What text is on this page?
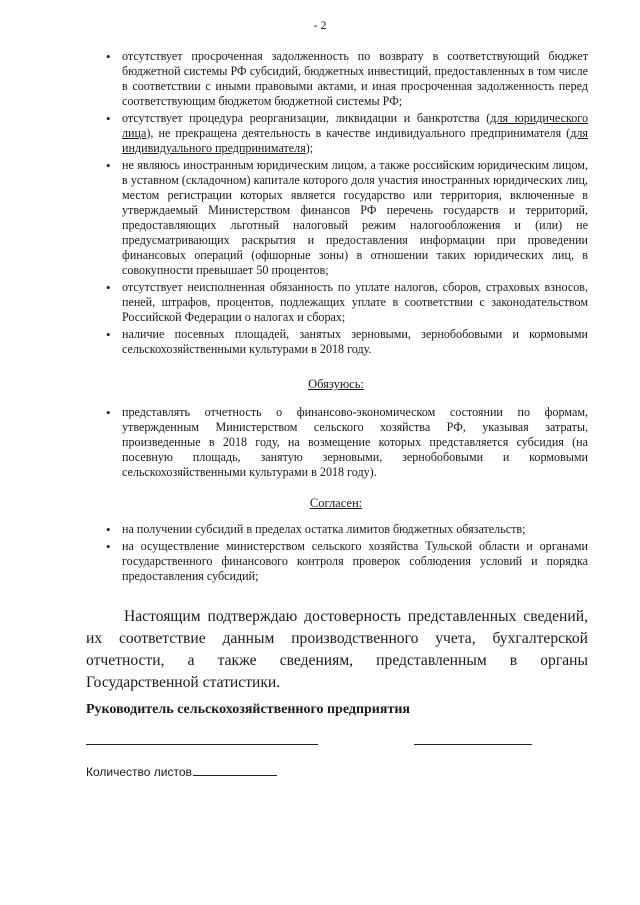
- 2
• отсутствует просроченная задолженность по возврату в соответствующий бюджет бюджетной системы РФ субсидий, бюджетных инвестиций, предоставленных в том числе в соответствии с иными правовыми актами, и иная просроченная задолженность перед соответствующим бюджетом бюджетной системы РФ;
• отсутствует процедура реорганизации, ликвидации и банкротства (для юридического лица), не прекращена деятельность в качестве индивидуального предпринимателя (для индивидуального предпринимателя);
• не являюсь иностранным юридическим лицом, а также российским юридическим лицом, в уставном (складочном) капитале которого доля участия иностранных юридических лиц, местом регистрации которых является государство или территория, включенные в утверждаемый Министерством финансов РФ перечень государств и территорий, предоставляющих льготный налоговый режим налогообложения и (или) не предусматривающих раскрытия и предоставления информации при проведении финансовых операций (офшорные зоны) в отношении таких юридических лиц, в совокупности превышает 50 процентов;
• отсутствует неисполненная обязанность по уплате налогов, сборов, страховых взносов, пеней, штрафов, процентов, подлежащих уплате в соответствии с законодательством Российской Федерации о налогах и сборах;
• наличие посевных площадей, занятых зерновыми, зернобобовыми и кормовыми сельскохозяйственными культурами в 2018 году.
Обязуюсь:
• представлять отчетность о финансово-экономическом состоянии по формам, утвержденным Министерством сельского хозяйства РФ, указывая затраты, произведенные в 2018 году, на возмещение которых представляется субсидия (на посевную площадь, занятую зерновыми, зернобобовыми и кормовыми сельскохозяйственными культурами в 2018 году).
Согласен:
• на получении субсидий в пределах остатка лимитов бюджетных обязательств;
• на осуществление министерством сельского хозяйства Тульской области и органами государственного финансового контроля проверок соблюдения условий и порядка предоставления субсидий;

Настоящим подтверждаю достоверность представленных сведений, их соответствие данным производственного учета, бухгалтерской отчетности, а также сведениям, представленным в органы Государственной статистики.

Руководитель сельскохозяйственного предприятия

Количество листов
